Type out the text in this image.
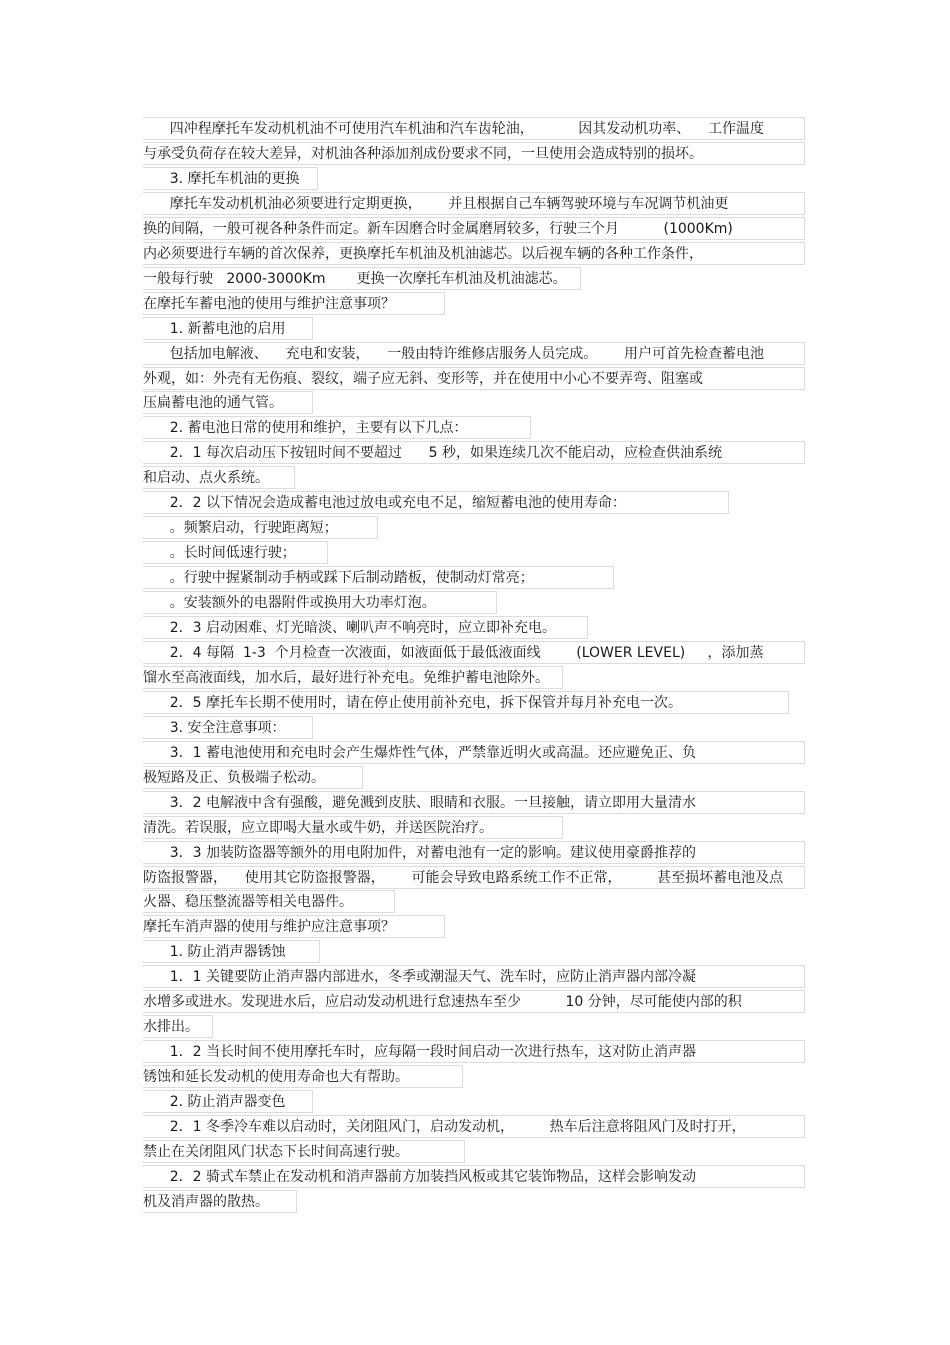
四冲程摩托车发动机机油不可使用汽车机油和汽车齿轮油，          因其发动机功率、    工作温度
与承受负荷存在较大差异，对机油各种添加剂成份要求不同，一旦使用会造成特别的损坏。
3. 摩托车机油的更换
摩托车发动机机油必须要进行定期更换，      并且根据自己车辆驾驶环境与车况调节机油更
换的间隔，一般可视各种条件而定。新车因磨合时金属磨屑较多，行驶三个月          (1000Km)
内必须要进行车辆的首次保养，更换摩托车机油及机油滤芯。以后视车辆的各种工作条件，
一般每行驶   2000-3000Km       更换一次摩托车机油及机油滤芯。
在摩托车蓄电池的使用与维护注意事项？
1. 新蓄电池的启用
包括加电解液、    充电和安装，    一般由特许维修店服务人员完成。      用户可首先检查蓄电池
外观，如：外壳有无伤痕、裂纹，端子应无斜、变形等，并在使用中小心不要弄弯、阻塞或
压扁蓄电池的通气管。
2. 蓄电池日常的使用和维护，主要有以下几点：
2．1 每次启动压下按钮时间不要超过      5 秒，如果连续几次不能启动，应检查供油系统
和启动、点火系统。
2．2 以下情况会造成蓄电池过放电或充电不足，缩短蓄电池的使用寿命：
。频繁启动，行驶距离短；
。长时间低速行驶；
。行驶中握紧制动手柄或踩下后制动踏板，使制动灯常亮；
。安装额外的电器附件或换用大功率灯泡。
2．3 启动困难、灯光暗淡、喇叭声不响亮时，应立即补充电。
2．4 每隔  1-3  个月检查一次液面，如液面低于最低液面线        (LOWER LEVEL)     ，添加蒸
馏水至高液面线，加水后，最好进行补充电。免维护蓄电池除外。
2．5 摩托车长期不使用时，请在停止使用前补充电，拆下保管并每月补充电一次。
3. 安全注意事项：
3．1 蓄电池使用和充电时会产生爆炸性气体，严禁靠近明火或高温。还应避免正、负
极短路及正、负极端子松动。
3．2 电解液中含有强酸，避免溅到皮肤、眼睛和衣服。一旦接触，请立即用大量清水
清洗。若误服，应立即喝大量水或牛奶，并送医院治疗。
3．3 加装防盗器等额外的用电附加件，对蓄电池有一定的影响。建议使用豪爵推荐的
防盗报警器，    使用其它防盗报警器，      可能会导致电路系统工作不正常，        甚至损坏蓄电池及点
火器、稳压整流器等相关电器件。
摩托车消声器的使用与维护应注意事项？
1. 防止消声器锈蚀
1．1 关键要防止消声器内部进水，冬季或潮湿天气、洗车时，应防止消声器内部冷凝
水增多或进水。发现进水后，应启动发动机进行怠速热车至少          10 分钟，尽可能使内部的积
水排出。
1．2 当长时间不使用摩托车时，应每隔一段时间启动一次进行热车，这对防止消声器
锈蚀和延长发动机的使用寿命也大有帮助。
2. 防止消声器变色
2．1 冬季冷车难以启动时，关闭阻风门，启动发动机，        热车后注意将阻风门及时打开，
禁止在关闭阻风门状态下长时间高速行驶。
2．2 骑式车禁止在发动机和消声器前方加装挡风板或其它装饰物品，这样会影响发动
机及消声器的散热。
